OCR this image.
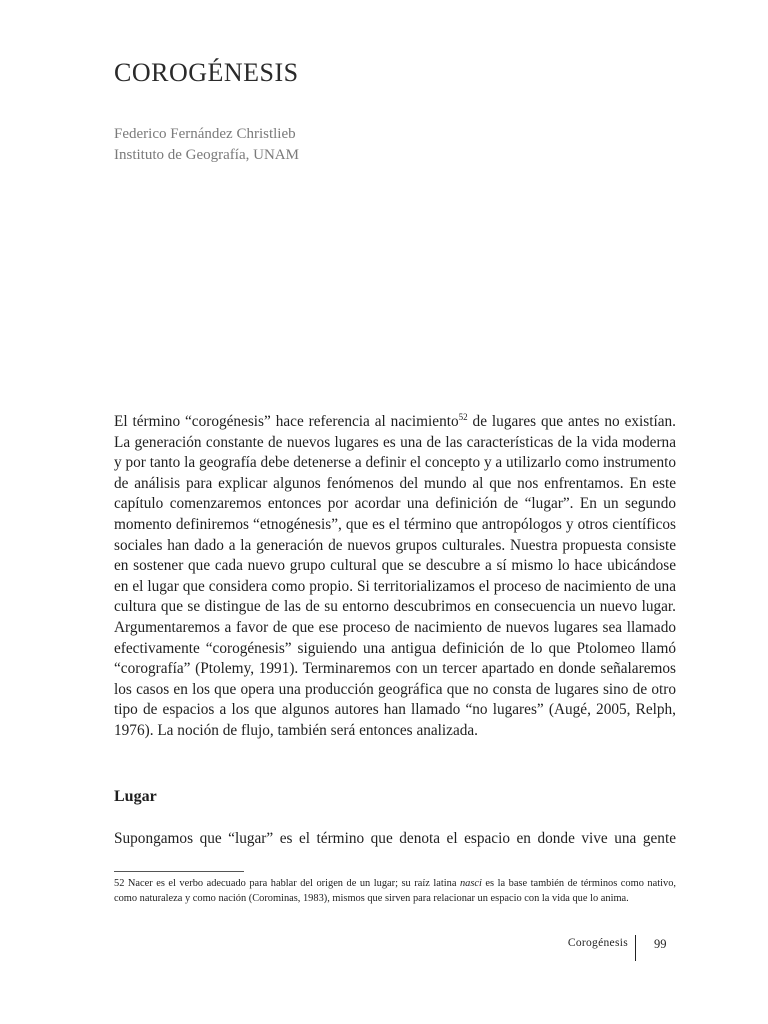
COROGÉNESIS
Federico Fernández Christlieb
Instituto de Geografía, UNAM

El término “corogénesis” hace referencia al nacimiento$^{52}$ de lugares que antes no existían. La generación constante de nuevos lugares es una de las características de la vida moderna y por tanto la geografía debe detenerse a definir el concepto y a utilizarlo como instrumento de análisis para explicar algunos fenómenos del mundo al que nos enfrentamos. En este capítulo comenzaremos entonces por acordar una definición de “lugar”. En un segundo momento definiremos “etnogénesis”, que es el término que antropólogos y otros científicos sociales han dado a la generación de nuevos grupos culturales. Nuestra propuesta consiste en sostener que cada nuevo grupo cultural que se descubre a sí mismo lo hace ubicándose en el lugar que considera como propio. Si territorializamos el proceso de nacimiento de una cultura que se distingue de las de su entorno descubrimos en consecuencia un nuevo lugar. Argumentaremos a favor de que ese proceso de nacimiento de nuevos lugares sea llamado efectivamente “corogénesis” siguiendo una antigua definición de lo que Ptolomeo llamó “corografía” (Ptolemy, 1991). Terminaremos con un tercer apartado en donde señalaremos los casos en los que opera una producción geográfica que no consta de lugares sino de otro tipo de espacios a los que algunos autores han llamado “no lugares” (Augé, 2005, Relph, 1976). La noción de flujo, también será entonces analizada.

Lugar

Supongamos que “lugar” es el término que denota el espacio en donde vive una gente

52 Nacer es el verbo adecuado para hablar del origen de un lugar; su raíz latina nasci es la base también de términos como nativo, como naturaleza y como nación (Corominas, 1983), mismos que sirven para relacionar un espacio con la vida que lo anima.

Corogénesis 99
